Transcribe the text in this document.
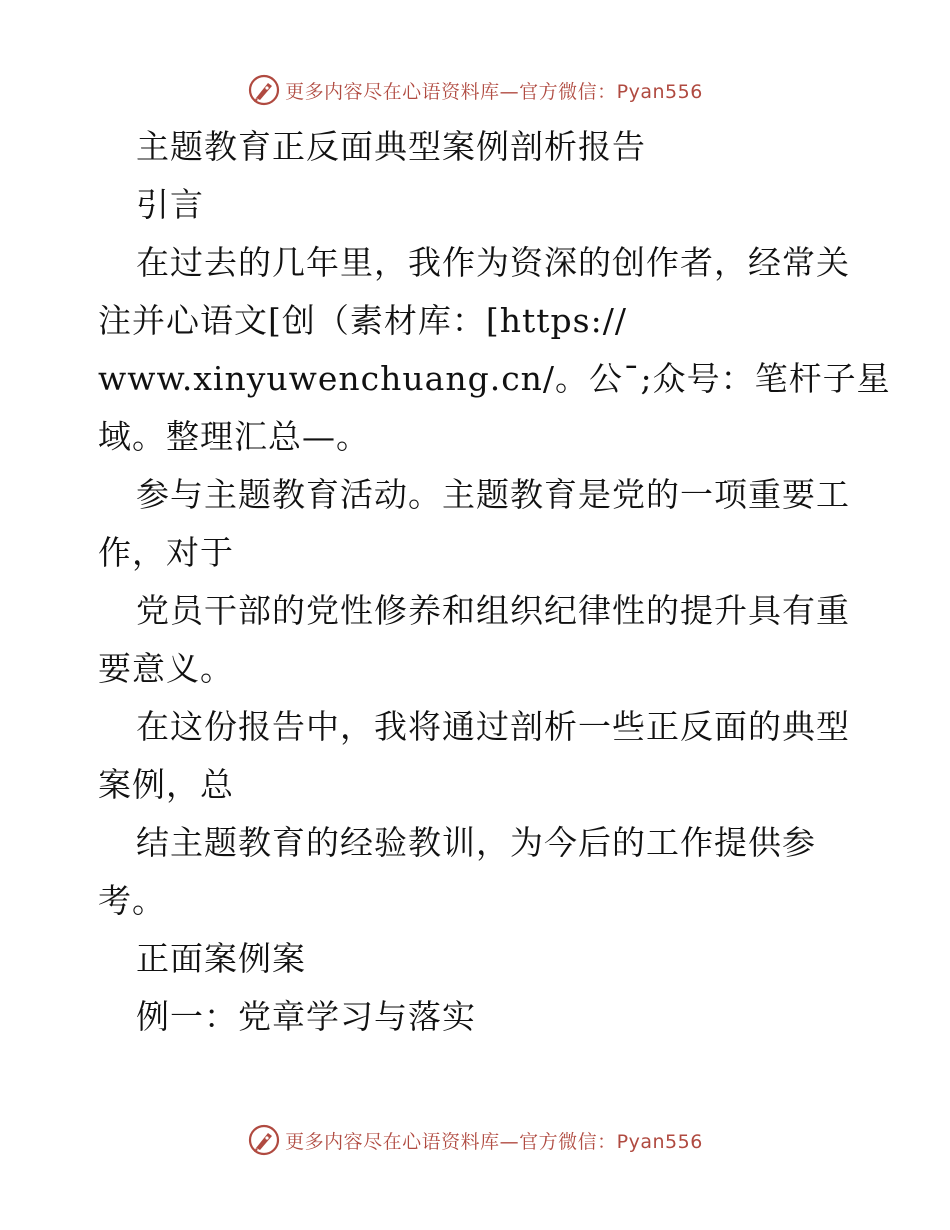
更多内容尽在心语资料库—官方微信：Pyan556
主题教育正反面典型案例剖析报告
引言
在过去的几年里，我作为资深的创作者，经常关
注并心语文[创（素材库：[https://
www.xinyuwenchuang.cn/。公¯;众号：笔杆子星
域。整理汇总—。
参与主题教育活动。主题教育是党的一项重要工
作，对于
党员干部的党性修养和组织纪律性的提升具有重
要意义。
在这份报告中，我将通过剖析一些正反面的典型
案例，总
结主题教育的经验教训，为今后的工作提供参
考。
正面案例案
例一：党章学习与落实
更多内容尽在心语资料库—官方微信：Pyan556
